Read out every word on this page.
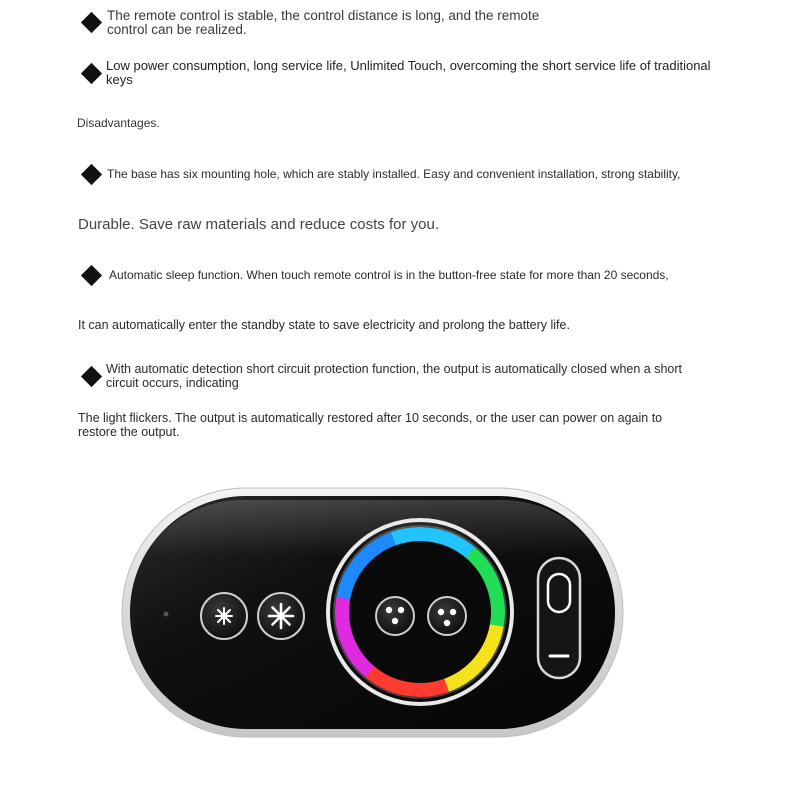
The remote control is stable, the control distance is long, and the remote control can be realized.
Low power consumption, long service life, Unlimited Touch, overcoming the short service life of traditional keys
Disadvantages.
The base has six mounting hole, which are stably installed. Easy and convenient installation, strong stability,
Durable. Save raw materials and reduce costs for you.
Automatic sleep function. When touch remote control is in the button-free state for more than 20 seconds,
It can automatically enter the standby state to save electricity and prolong the battery life.
With automatic detection short circuit protection function, the output is automatically closed when a short circuit occurs, indicating
The light flickers. The output is automatically restored after 10 seconds, or the user can power on again to restore the output.
